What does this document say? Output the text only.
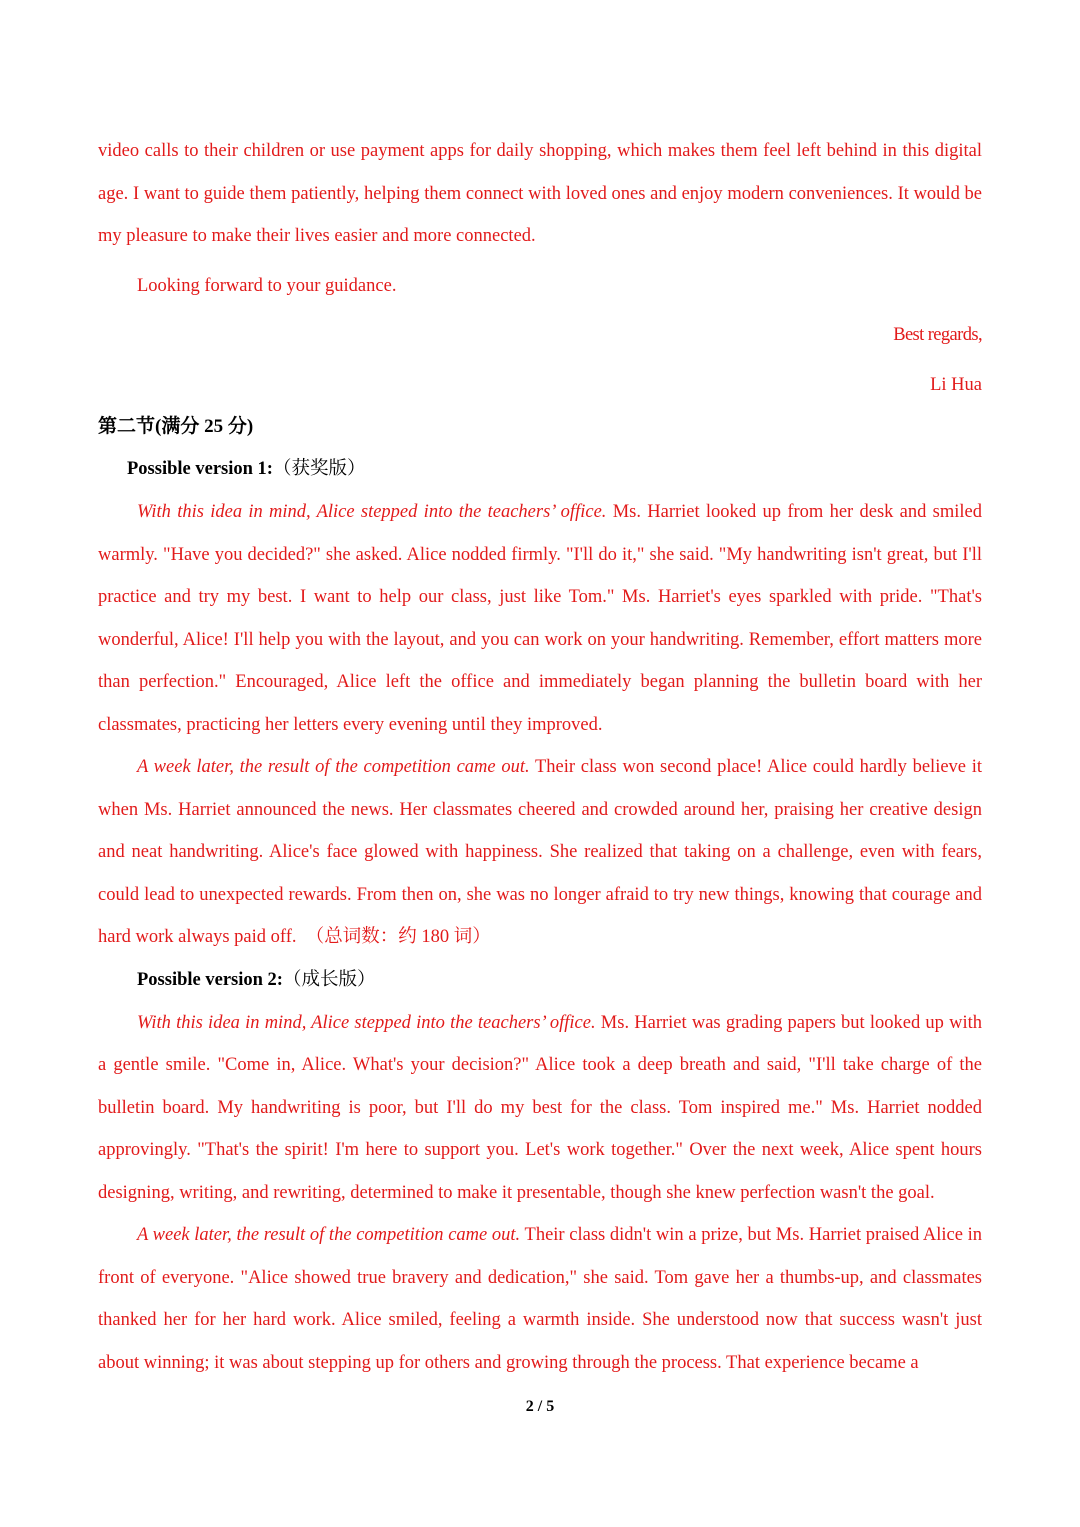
video calls to their children or use payment apps for daily shopping, which makes them feel left behind in this digital age. I want to guide them patiently, helping them connect with loved ones and enjoy modern conveniences. It would be my pleasure to make their lives easier and more connected.

Looking forward to your guidance.

Best regards,

Li Hua

第二节(满分 25 分)

Possible version 1:（获奖版）

With this idea in mind, Alice stepped into the teachers’ office. Ms. Harriet looked up from her desk and smiled warmly. "Have you decided?" she asked. Alice nodded firmly. "I'll do it," she said. "My handwriting isn't great, but I'll practice and try my best. I want to help our class, just like Tom." Ms. Harriet's eyes sparkled with pride. "That's wonderful, Alice! I'll help you with the layout, and you can work on your handwriting. Remember, effort matters more than perfection." Encouraged, Alice left the office and immediately began planning the bulletin board with her classmates, practicing her letters every evening until they improved.

A week later, the result of the competition came out. Their class won second place! Alice could hardly believe it when Ms. Harriet announced the news. Her classmates cheered and crowded around her, praising her creative design and neat handwriting. Alice's face glowed with happiness. She realized that taking on a challenge, even with fears, could lead to unexpected rewards. From then on, she was no longer afraid to try new things, knowing that courage and hard work always paid off. （总词数：约 180 词）

Possible version 2:（成长版）

With this idea in mind, Alice stepped into the teachers’ office. Ms. Harriet was grading papers but looked up with a gentle smile. "Come in, Alice. What's your decision?" Alice took a deep breath and said, "I'll take charge of the bulletin board. My handwriting is poor, but I'll do my best for the class. Tom inspired me." Ms. Harriet nodded approvingly. "That's the spirit! I'm here to support you. Let's work together." Over the next week, Alice spent hours designing, writing, and rewriting, determined to make it presentable, though she knew perfection wasn't the goal.

A week later, the result of the competition came out. Their class didn't win a prize, but Ms. Harriet praised Alice in front of everyone. "Alice showed true bravery and dedication," she said. Tom gave her a thumbs-up, and classmates thanked her for her hard work. Alice smiled, feeling a warmth inside. She understood now that success wasn't just about winning; it was about stepping up for others and growing through the process. That experience became a

2 / 5
